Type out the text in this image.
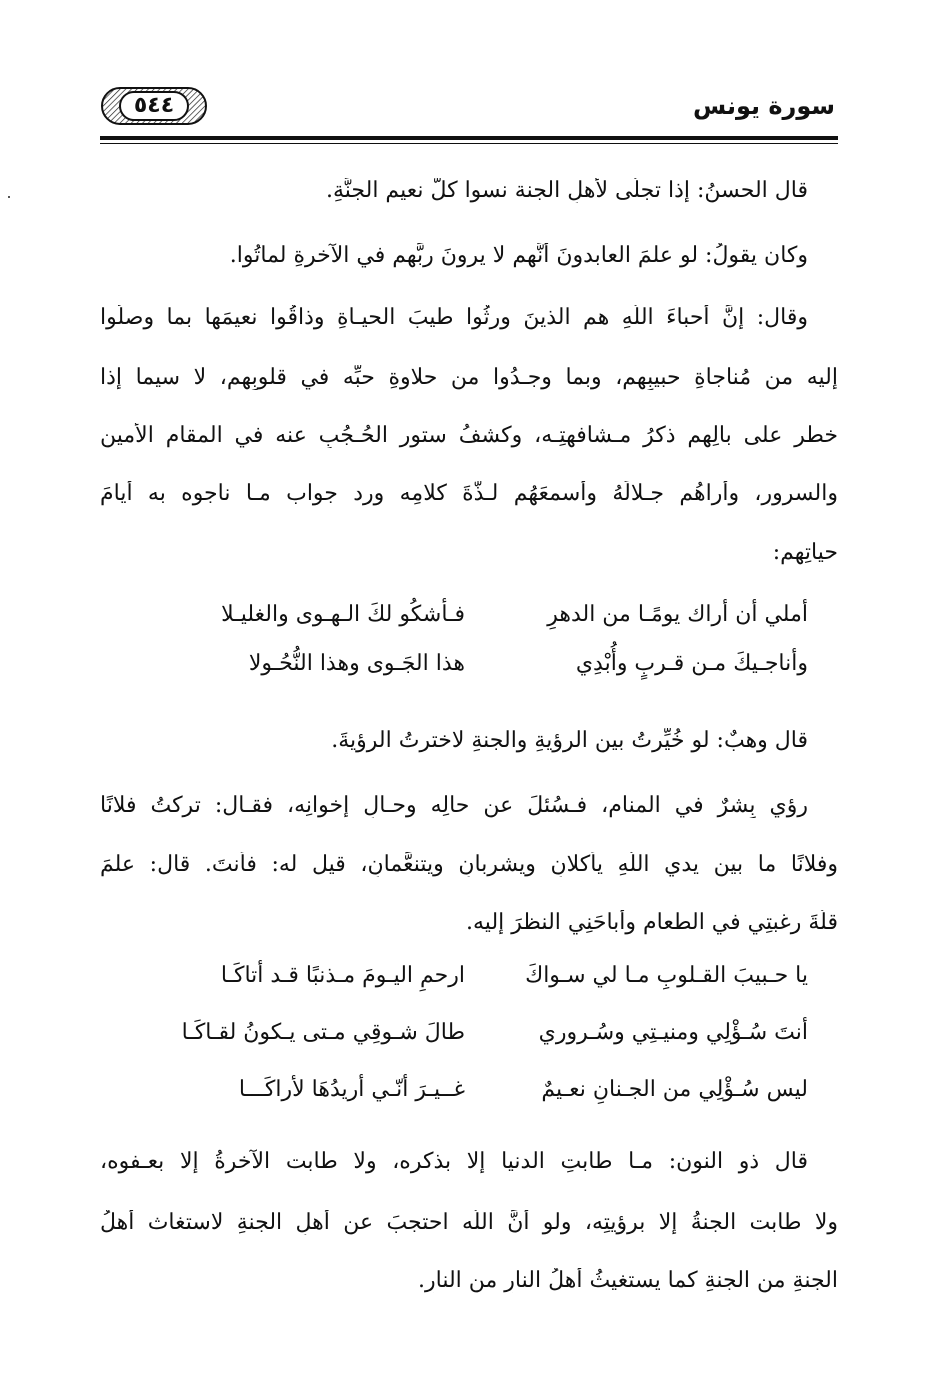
٥٤٤	سورة يونس
قال الحسنُ: إذا تجلَّى لأهلِ الجنة نسوا كلَّ نعيمِ الجنَّةِ.
وكان يقولُ: لو علمَ العابدونَ أنَّهم لا يرونَ ربَّهم في الآخرةِ لماتُوا.
وقال: إنَّ أحباءَ اللَّهِ هم الذينَ ورثُوا طيبَ الحيـاةِ وذاقُوا نعيمَها بما وصلُوا
إليه من مُناجاةِ حبيبِهم، وبما وجـدُوا من حلاوةِ حبِّه في قلوبِهم، لا سيما إذا
خطر على بالِهم ذكرُ مـشافهتِـه، وكشفُ ستورِ الحُـجُبِ عنه في المقامِ الأمينِ
والسرورِ، وأراهُم جـلالَهُ وأسمعَهُم لـذَّةَ كلامِه ورد جواب مـا ناجوه به أيامَ
حياتِهِم:
أملي أن أراك يومًـا من الدهرِ
فـأشكُو لكَ الـهـوى والغليـلا
وأناجـيكَ مـن قـربٍ وأُبْدِي
هذا الجَـوى وهذا النُّحُـولا
قال وهبٌ: لو خُيِّرتُ بين الرؤيةِ والجنةِ لاخترتُ الرؤيةَ.
رؤي بِشرٌ في المنامِ، فـسُئلَ عن حالِه وحـالِ إخوانِه، فقـال: تركتُ فلانًا
وفلانًا ما بين يدي اللَّهِ يأكلانِ ويشربانِ ويتنعَّمانِ، قيل له: فأنتَ. قال: علمَ
قلَّةَ رغبتِي في الطعامِ وأباحَنِي النظرَ إليه.
يا حـبيبَ القـلوبِ مـا لي سـواكَ
ارحمِ اليـومَ مـذنبًا قـد أتاكَـا
أنتَ سُـؤْلِي ومنيـتِي وسُـروري
طالَ شـوقِي مـتى يـكونُ لقـاكَـا
ليس سُـؤْلِي من الجـنانِ نعـيمٌ
غــيـرَ أنّـي أريدُهَا لأراكَـــا
قال ذو النون: مـا طابتِ الدنيا إلا بذكرِه، ولا طابت الآخرةُ إلا بعـفوِه،
ولا طابت الجنةُ إلا برؤيتِه، ولو أنَّ اللَّه احتجبَ عن أهلِ الجنةِ لاستغاث أهلُ
الجنةِ من الجنةِ كما يستغيثُ أهلُ النارِ من النارِ.
